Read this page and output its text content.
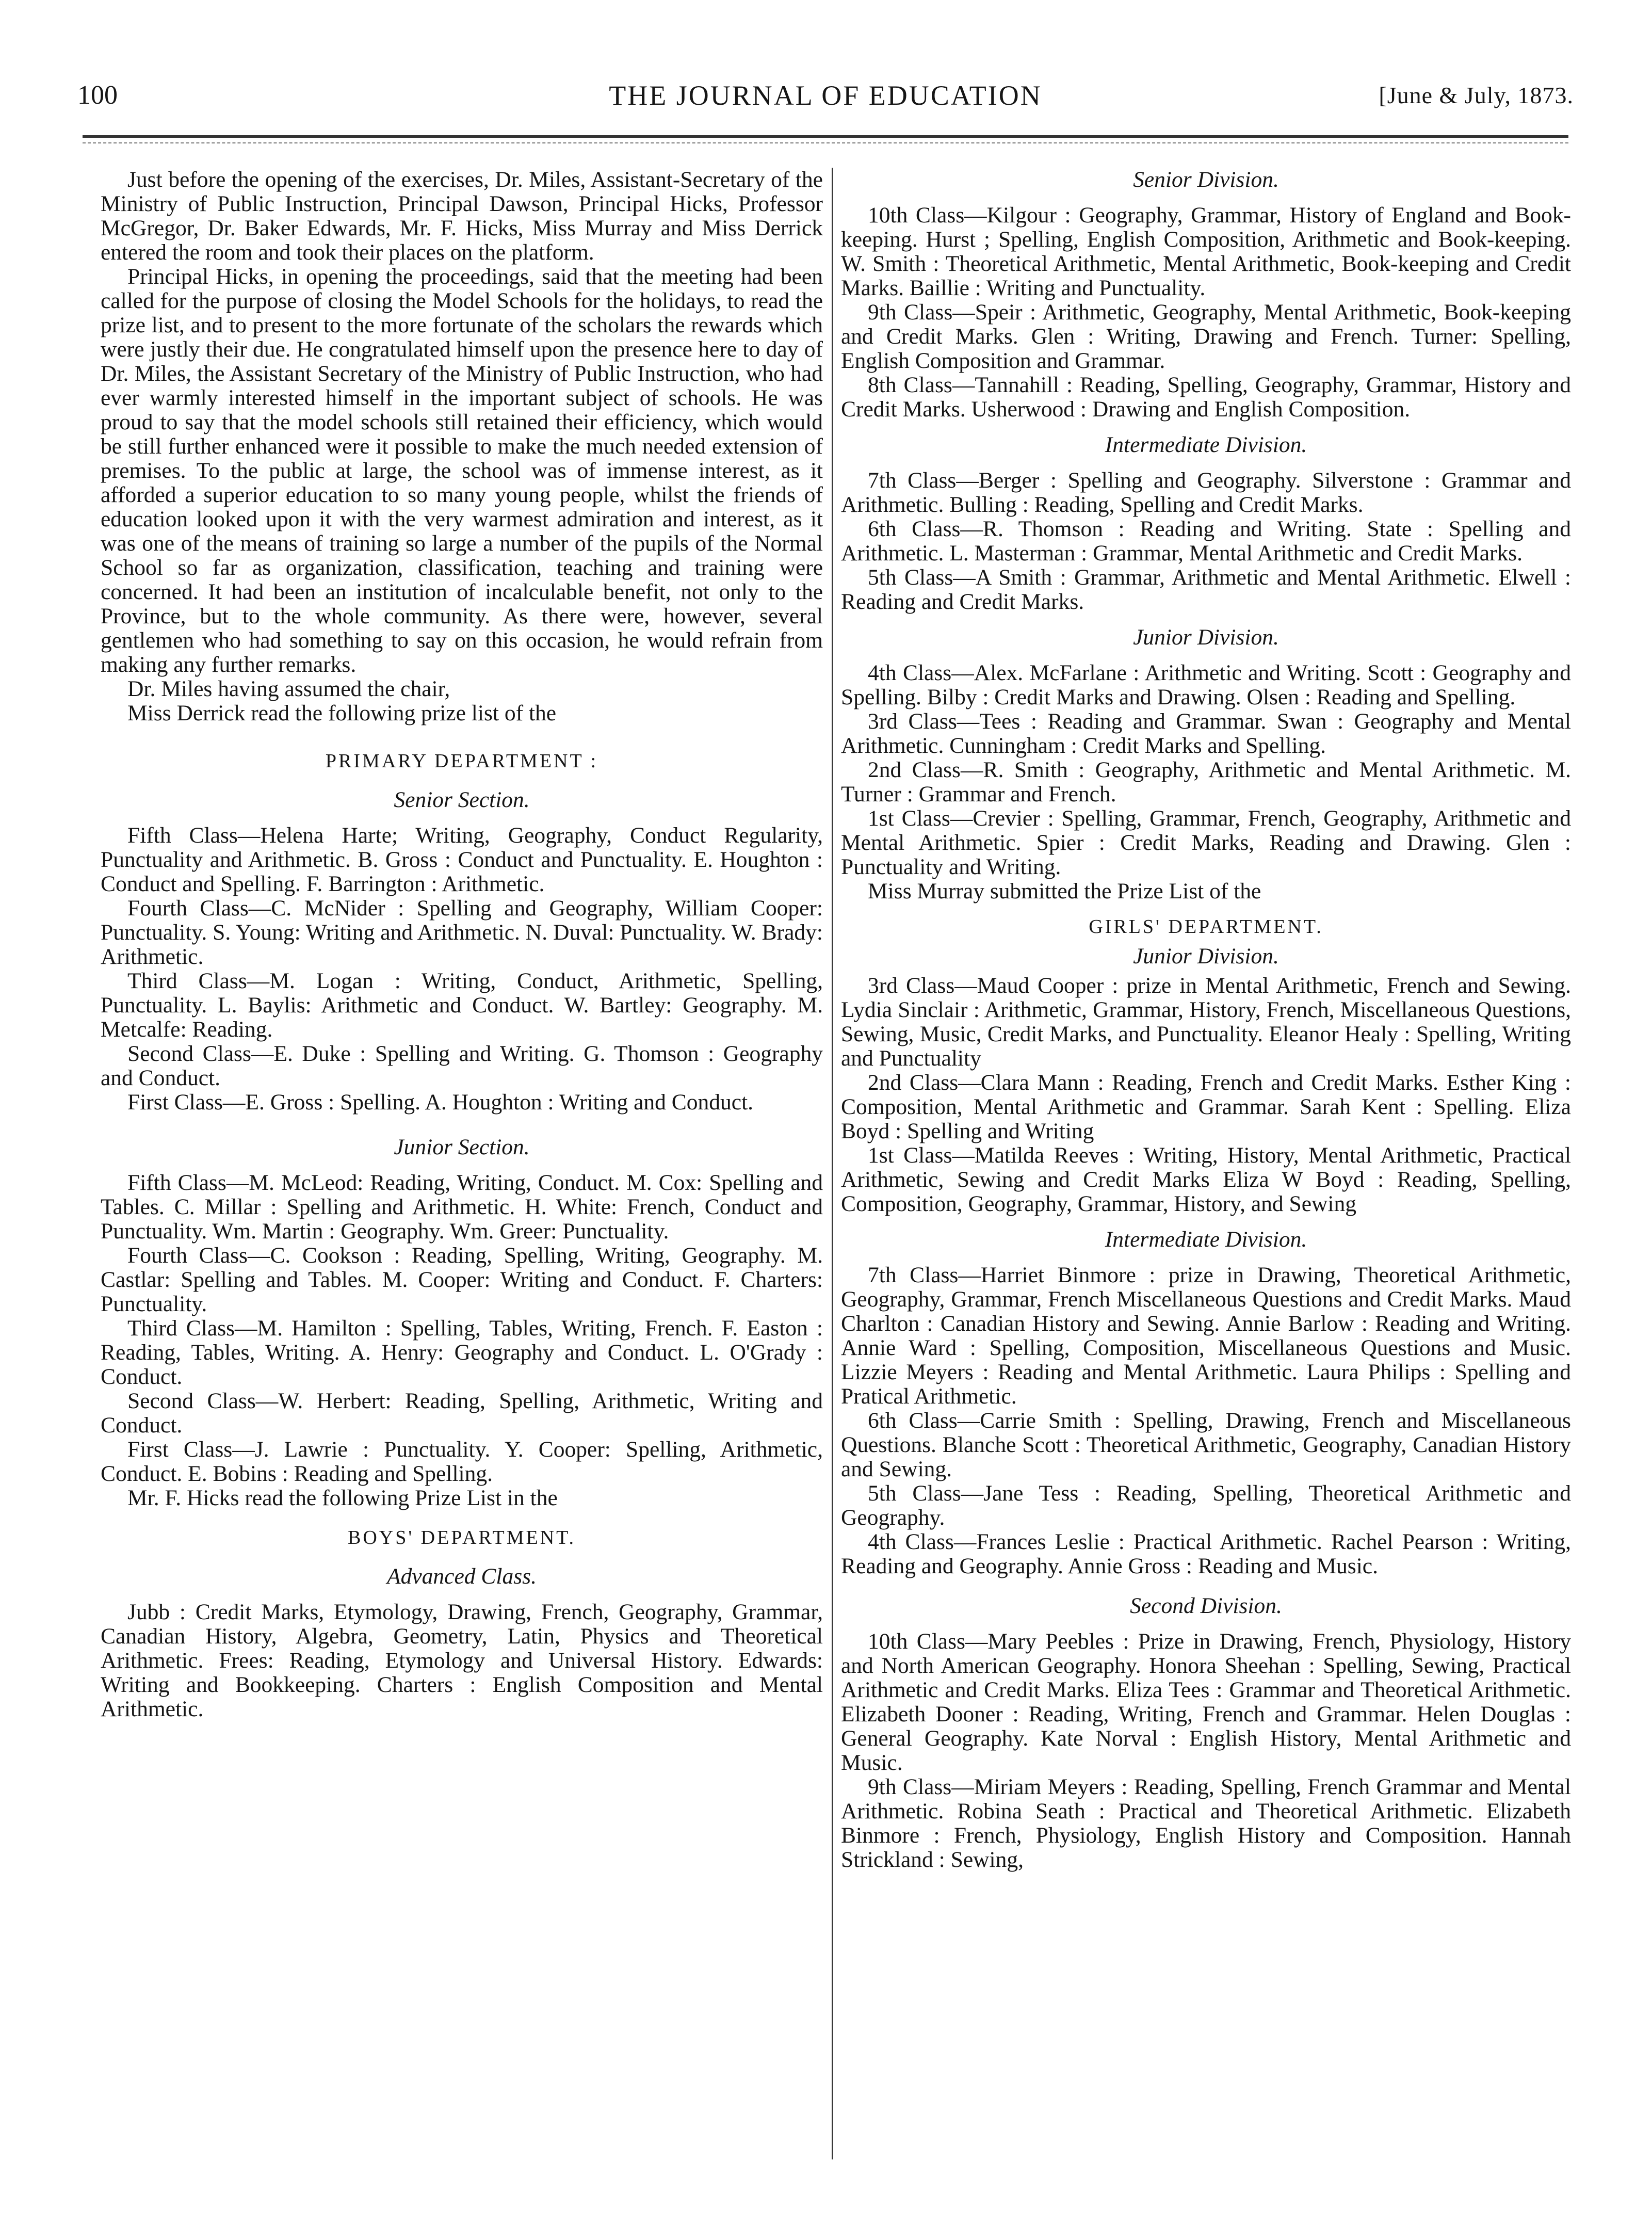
100	THE JOURNAL OF EDUCATION	[June & July, 1873.

Just before the opening of the exercises, Dr. Miles, Assistant-Secretary of the Ministry of Public Instruction, Principal Dawson, Principal Hicks, Professor McGregor, Dr. Baker Edwards, Mr. F. Hicks, Miss Murray and Miss Derrick entered the room and took their places on the platform.

Principal Hicks, in opening the proceedings, said that the meeting had been called for the purpose of closing the Model Schools for the holidays, to read the prize list, and to present to the more fortunate of the scholars the rewards which were justly their due. He congratulated himself upon the presence here to day of Dr. Miles, the Assistant Secretary of the Ministry of Public Instruction, who had ever warmly interested himself in the important subject of schools. He was proud to say that the model schools still retained their efficiency, which would be still further enhanced were it possible to make the much needed extension of premises. To the public at large, the school was of immense interest, as it afforded a superior education to so many young people, whilst the friends of education looked upon it with the very warmest admiration and interest, as it was one of the means of training so large a number of the pupils of the Normal School so far as organization, classification, teaching and training were concerned. It had been an institution of incalculable benefit, not only to the Province, but to the whole community. As there were, however, several gentlemen who had something to say on this occasion, he would refrain from making any further remarks.

Dr. Miles having assumed the chair,

Miss Derrick read the following prize list of the

PRIMARY DEPARTMENT :
Senior Section.

Fifth Class—Helena Harte; Writing, Geography, Conduct Regularity, Punctuality and Arithmetic. B. Gross : Conduct and Punctuality. E. Houghton : Conduct and Spelling. F. Barrington : Arithmetic.

Fourth Class—C. McNider : Spelling and Geography, William Cooper: Punctuality. S. Young: Writing and Arithmetic. N. Duval: Punctuality. W. Brady: Arithmetic.

Third Class—M. Logan : Writing, Conduct, Arithmetic, Spelling, Punctuality. L. Baylis: Arithmetic and Conduct. W. Bartley: Geography. M. Metcalfe: Reading.

Second Class—E. Duke : Spelling and Writing. G. Thomson : Geography and Conduct.

First Class—E. Gross : Spelling. A. Houghton : Writing and Conduct.

Junior Section.

Fifth Class—M. McLeod: Reading, Writing, Conduct. M. Cox: Spelling and Tables. C. Millar : Spelling and Arithmetic. H. White: French, Conduct and Punctuality. Wm. Martin : Geography. Wm. Greer: Punctuality.

Fourth Class—C. Cookson : Reading, Spelling, Writing, Geography. M. Castlar: Spelling and Tables. M. Cooper: Writing and Conduct. F. Charters: Punctuality.

Third Class—M. Hamilton : Spelling, Tables, Writing, French. F. Easton : Reading, Tables, Writing. A. Henry: Geography and Conduct. L. O'Grady : Conduct.

Second Class—W. Herbert: Reading, Spelling, Arithmetic, Writing and Conduct.

First Class—J. Lawrie : Punctuality. Y. Cooper: Spelling, Arithmetic, Conduct. E. Bobins : Reading and Spelling.

Mr. F. Hicks read the following Prize List in the

BOYS' DEPARTMENT.
Advanced Class.

Jubb : Credit Marks, Etymology, Drawing, French, Geography, Grammar, Canadian History, Algebra, Geometry, Latin, Physics and Theoretical Arithmetic. Frees: Reading, Etymology and Universal History. Edwards: Writing and Bookkeeping. Charters : English Composition and Mental Arithmetic.

Senior Division.

10th Class—Kilgour : Geography, Grammar, History of England and Book-keeping. Hurst ; Spelling, English Composition, Arithmetic and Book-keeping. W. Smith : Theoretical Arithmetic, Mental Arithmetic, Book-keeping and Credit Marks. Baillie : Writing and Punctuality.

9th Class—Speir : Arithmetic, Geography, Mental Arithmetic, Book-keeping and Credit Marks. Glen : Writing, Drawing and French. Turner: Spelling, English Composition and Grammar.

8th Class—Tannahill : Reading, Spelling, Geography, Grammar, History and Credit Marks. Usherwood : Drawing and English Composition.

Intermediate Division.

7th Class—Berger : Spelling and Geography. Silverstone : Grammar and Arithmetic. Bulling : Reading, Spelling and Credit Marks.

6th Class—R. Thomson : Reading and Writing. State : Spelling and Arithmetic. L. Masterman : Grammar, Mental Arithmetic and Credit Marks.

5th Class—A Smith : Grammar, Arithmetic and Mental Arithmetic. Elwell : Reading and Credit Marks.

Junior Division.

4th Class—Alex. McFarlane : Arithmetic and Writing. Scott : Geography and Spelling. Bilby : Credit Marks and Drawing. Olsen : Reading and Spelling.

3rd Class—Tees : Reading and Grammar. Swan : Geography and Mental Arithmetic. Cunningham : Credit Marks and Spelling.

2nd Class—R. Smith : Geography, Arithmetic and Mental Arithmetic. M. Turner : Grammar and French.

1st Class—Crevier : Spelling, Grammar, French, Geography, Arithmetic and Mental Arithmetic. Spier : Credit Marks, Reading and Drawing. Glen : Punctuality and Writing.

Miss Murray submitted the Prize List of the

GIRLS' DEPARTMENT.
Junior Division.

3rd Class—Maud Cooper : prize in Mental Arithmetic, French and Sewing. Lydia Sinclair : Arithmetic, Grammar, History, French, Miscellaneous Questions, Sewing, Music, Credit Marks, and Punctuality. Eleanor Healy : Spelling, Writing and Punctuality

2nd Class—Clara Mann : Reading, French and Credit Marks. Esther King : Composition, Mental Arithmetic and Grammar. Sarah Kent : Spelling. Eliza Boyd : Spelling and Writing

1st Class—Matilda Reeves : Writing, History, Mental Arithmetic, Practical Arithmetic, Sewing and Credit Marks Eliza W Boyd : Reading, Spelling, Composition, Geography, Grammar, History, and Sewing

Intermediate Division.

7th Class—Harriet Binmore : prize in Drawing, Theoretical Arithmetic, Geography, Grammar, French Miscellaneous Questions and Credit Marks. Maud Charlton : Canadian History and Sewing. Annie Barlow : Reading and Writing. Annie Ward : Spelling, Composition, Miscellaneous Questions and Music. Lizzie Meyers : Reading and Mental Arithmetic. Laura Philips : Spelling and Pratical Arithmetic.

6th Class—Carrie Smith : Spelling, Drawing, French and Miscellaneous Questions. Blanche Scott : Theoretical Arithmetic, Geography, Canadian History and Sewing.

5th Class—Jane Tess : Reading, Spelling, Theoretical Arithmetic and Geography.

4th Class—Frances Leslie : Practical Arithmetic. Rachel Pearson : Writing, Reading and Geography. Annie Gross : Reading and Music.

Second Division.

10th Class—Mary Peebles : Prize in Drawing, French, Physiology, History and North American Geography. Honora Sheehan : Spelling, Sewing, Practical Arithmetic and Credit Marks. Eliza Tees : Grammar and Theoretical Arithmetic. Elizabeth Dooner : Reading, Writing, French and Grammar. Helen Douglas : General Geography. Kate Norval : English History, Mental Arithmetic and Music.

9th Class—Miriam Meyers : Reading, Spelling, French Grammar and Mental Arithmetic. Robina Seath : Practical and Theoretical Arithmetic. Elizabeth Binmore : French, Physiology, English History and Composition. Hannah Strickland : Sewing,
